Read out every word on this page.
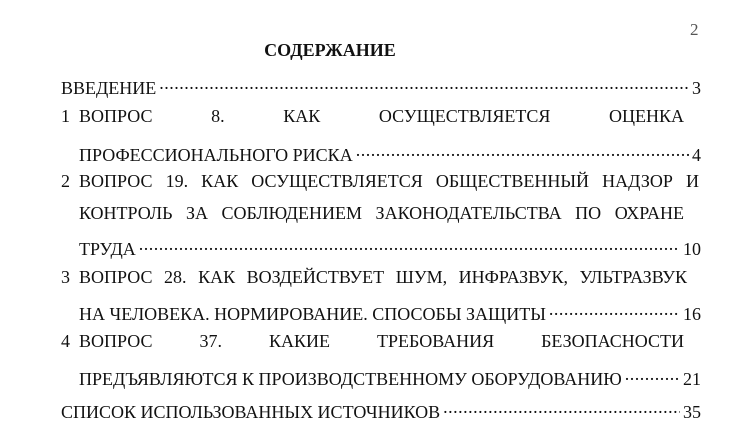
2
СОДЕРЖАНИЕ
ВВЕДЕНИЕ .....	3
1 ВОПРОС	8.	КАК	ОСУЩЕСТВЛЯЕТСЯ	ОЦЕНКА
ПРОФЕССИОНАЛЬНОГО РИСКА .....	4
2 ВОПРОС 19. КАК ОСУЩЕСТВЛЯЕТСЯ ОБЩЕСТВЕННЫЙ НАДЗОР И
КОНТРОЛЬ ЗА СОБЛЮДЕНИЕМ ЗАКОНОДАТЕЛЬСТВА ПО ОХРАНЕ
ТРУДА .....	10
3 ВОПРОС 28. КАК ВОЗДЕЙСТВУЕТ ШУМ, ИНФРАЗВУК, УЛЬТРАЗВУК
НА ЧЕЛОВЕКА. НОРМИРОВАНИЕ. СПОСОБЫ ЗАЩИТЫ .....	16
4 ВОПРОС	37.	КАКИЕ	ТРЕБОВАНИЯ	БЕЗОПАСНОСТИ
ПРЕДЪЯВЛЯЮТСЯ К ПРОИЗВОДСТВЕННОМУ ОБОРУДОВАНИЮ .....	21
СПИСОК ИСПОЛЬЗОВАННЫХ ИСТОЧНИКОВ .....	35
